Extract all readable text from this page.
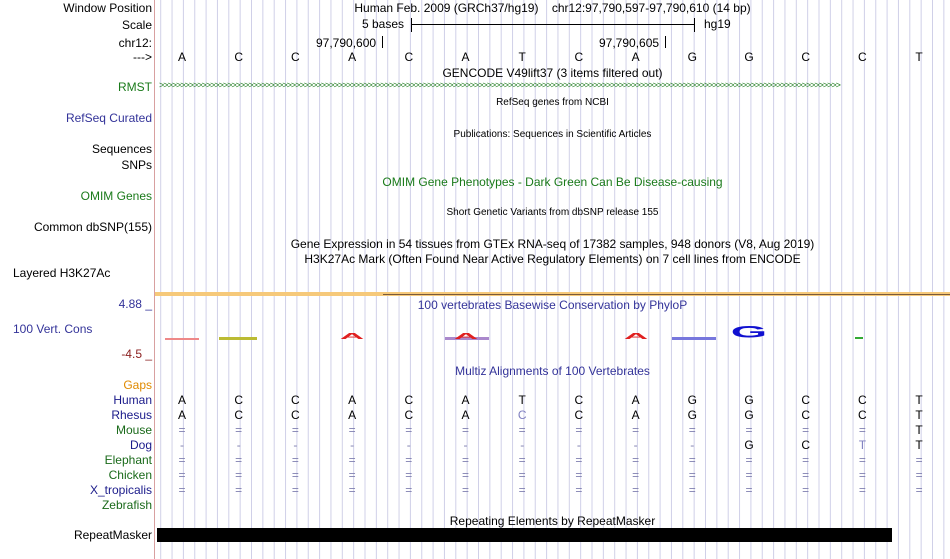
Window Position
Scale
chr12:
--->
RMST
RefSeq Curated
Sequences
SNPs
OMIM Genes
Common dbSNP(155)
Layered H3K27Ac
4.88 _
100 Vert. Cons
-4.5 _
Gaps
Human
Rhesus
Mouse
Dog
Elephant
Chicken
X_tropicalis
Zebrafish
RepeatMasker
Human Feb. 2009 (GRCh37/hg19) chr12:97,790,597-97,790,610 (14 bp)
5 bases	hg19
97,790,600	97,790,605
A	C	C	A	C	A	T	C	A	G	G	C	C	T
GENCODE V49lift37 (3 items filtered out)
>>>>>>>>>>>>>>>>>>>>>>>>>>>>>>>>>>>>>>>>>>>>>>>>>>>>>>>>>>>>>>>>>>>>>>>>>>>>>>>>>>>>>>>>>>>>>>>>>>>>>>>>>>>>>>>>>>>>>>>>>>>>>>>>>>>>>>>>>>>>>>>>>>>>>>>>>>>>>>>>
RefSeq genes from NCBI
Publications: Sequences in Scientific Articles
OMIM Gene Phenotypes - Dark Green Can Be Disease-causing
Short Genetic Variants from dbSNP release 155
Gene Expression in 54 tissues from GTEx RNA-seq of 17382 samples, 948 donors (V8, Aug 2019)
H3K27Ac Mark (Often Found Near Active Regulatory Elements) on 7 cell lines from ENCODE
100 vertebrates Basewise Conservation by PhyloP
A	A	A	G
Multiz Alignments of 100 Vertebrates
A	C	C	A	C	A	T	C	A	G	G	C	C	T
A	C	C	A	C	A	C	C	A	G	G	C	C	T
=	=	=	=	=	=	=	=	=	=	=	=	=	T
-	-	-	-	-	-	-	-	-	-	G	C	T	T
=	=	=	=	=	=	=	=	=	=	=	=	=	=
=	=	=	=	=	=	=	=	=	=	=	=	=	=
=	=	=	=	=	=	=	=	=	=	=	=	=	=
Repeating Elements by RepeatMasker
